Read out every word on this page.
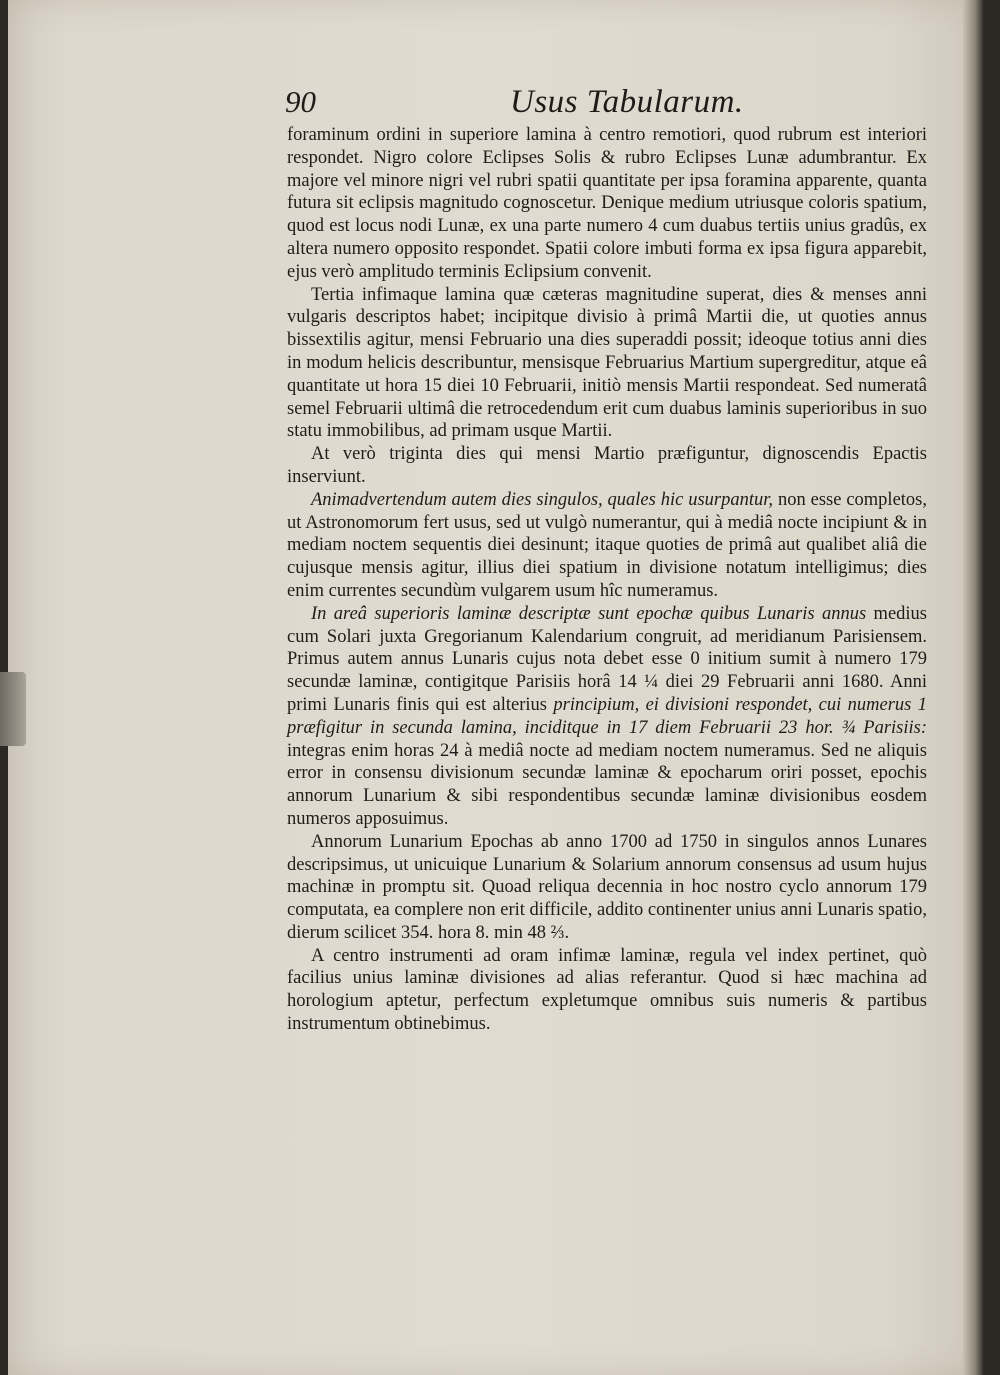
90	Usus Tabularum.

foraminum ordini in superiore lamina à centro remotiori, quod rubrum est interiori respondet. Nigro colore Eclipses Solis & rubro Eclipses Lunæ adumbrantur. Ex majore vel minore nigri vel rubri spatii quantitate per ipsa foramina apparente, quanta futura sit eclipsis magnitudo cognoscetur. Denique medium utriusque coloris spatium, quod est locus nodi Lunæ, ex una parte numero 4 cum duabus tertiis unius gradûs, ex altera numero opposito respondet. Spatii colore imbuti forma ex ipsa figura apparebit, ejus verò amplitudo terminis Eclipsium convenit.

Tertia infimaque lamina quæ cæteras magnitudine superat, dies & menses anni vulgaris descriptos habet; incipitque divisio à primâ Martii die, ut quoties annus bissextilis agitur, mensi Februario una dies superaddi possit; ideoque totius anni dies in modum helicis describuntur, mensisque Februarius Martium supergreditur, atque eâ quantitate ut hora 15 diei 10 Februarii, initiò mensis Martii respondeat. Sed numeratâ semel Februarii ultimâ die retrocedendum erit cum duabus laminis superioribus in suo statu immobilibus, ad primam usque Martii.

At verò triginta dies qui mensi Martio præfiguntur, dignoscendis Epactis inserviunt.

Animadvertendum autem dies singulos, quales hic usurpantur, non esse completos, ut Astronomorum fert usus, sed ut vulgò numerantur, qui à mediâ nocte incipiunt & in mediam noctem sequentis diei desinunt; itaque quoties de primâ aut qualibet aliâ die cujusque mensis agitur, illius diei spatium in divisione notatum intelligimus; dies enim currentes secundùm vulgarem usum hîc numeramus.

In areâ superioris laminæ descriptæ sunt epochæ quibus Lunaris annus medius cum Solari juxta Gregorianum Kalendarium congruit, ad meridianum Parisiensem. Primus autem annus Lunaris cujus nota debet esse 0 initium sumit à numero 179 secundæ laminæ, contigitque Parisiis horâ 14 ¼ diei 29 Februarii anni 1680. Anni primi Lunaris finis qui est alterius principium, ei divisioni respondet, cui numerus 1 præfigitur in secunda lamina, inciditque in 17 diem Februarii 23 hor. ¾ Parisiis: integras enim horas 24 à mediâ nocte ad mediam noctem numeramus. Sed ne aliquis error in consensu divisionum secundæ laminæ & epocharum oriri posset, epochis annorum Lunarium & sibi respondentibus secundæ laminæ divisionibus eosdem numeros apposuimus.

Annorum Lunarium Epochas ab anno 1700 ad 1750 in singulos annos Lunares descripsimus, ut unicuique Lunarium & Solarium annorum consensus ad usum hujus machinæ in promptu sit. Quoad reliqua decennia in hoc nostro cyclo annorum 179 computata, ea complere non erit difficile, addito continenter unius anni Lunaris spatio, dierum scilicet 354. hora 8. min 48 ⅔.

A centro instrumenti ad oram infimæ laminæ, regula vel index pertinet, quò facilius unius laminæ divisiones ad alias referantur. Quod si hæc machina ad horologium aptetur, perfectum expletumque omnibus suis numeris & partibus instrumentum obtinebimus.
